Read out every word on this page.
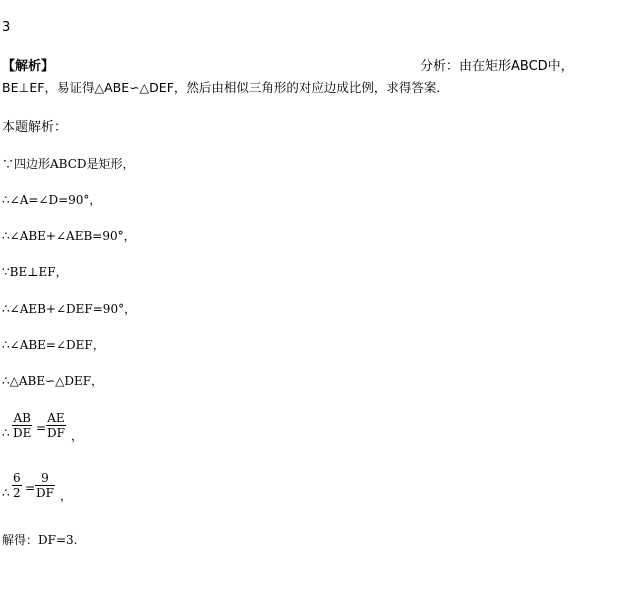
3
【解析】	分析：由在矩形ABCD中，
BE⊥EF，易证得△ABE∽△DEF，然后由相似三角形的对应边成比例，求得答案．
本题解析：
∵四边形ABCD是矩形，
∴∠A=∠D=90°，
∴∠ABE+∠AEB=90°，
∵BE⊥EF，
∴∠AEB+∠DEF=90°，
∴∠ABE=∠DEF，
∴△ABE∽△DEF，
∴ $\frac{AB}{DE} = \frac{AE}{DF}$ ，
∴ $\frac{6}{2} = \frac{9}{DF}$ ，
解得：DF=3.
